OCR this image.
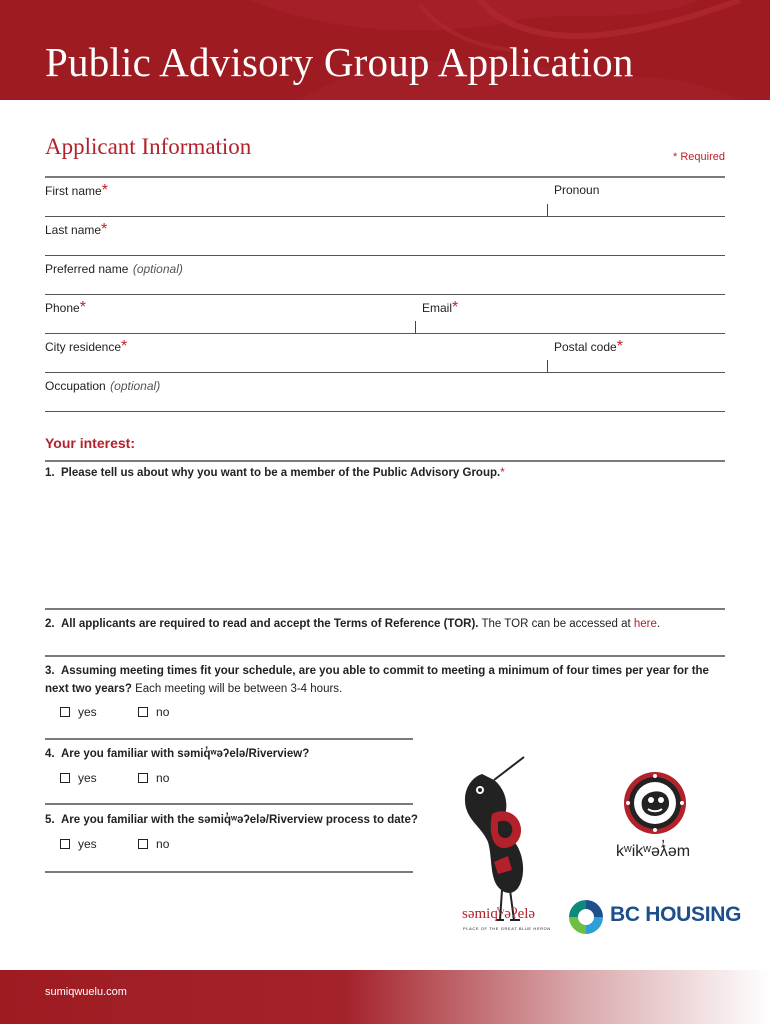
Public Advisory Group Application
Applicant Information	* Required
First name*	Pronoun
Last name*
Preferred name (optional)
Phone*	Email*
City residence*	Postal code*
Occupation (optional)
Your interest:
1. Please tell us about why you want to be a member of the Public Advisory Group.*
2. All applicants are required to read and accept the Terms of Reference (TOR). The TOR can be accessed at here.
3. Assuming meeting times fit your schedule, are you able to commit to meeting a minimum of four times per year for the next two years? Each meeting will be between 3-4 hours.
yes
	no
4. Are you familiar with səmiq̓ʷəʔelə/Riverview?
yes
	no
5. Are you familiar with the səmiq̓ʷəʔelə/Riverview process to date?
yes
	no
səmiq̓ʷəʔelə
PLACE OF THE GREAT BLUE HERON
kʷikʷəƛ̓əm
BC HOUSING
sumiqwuelu.com
